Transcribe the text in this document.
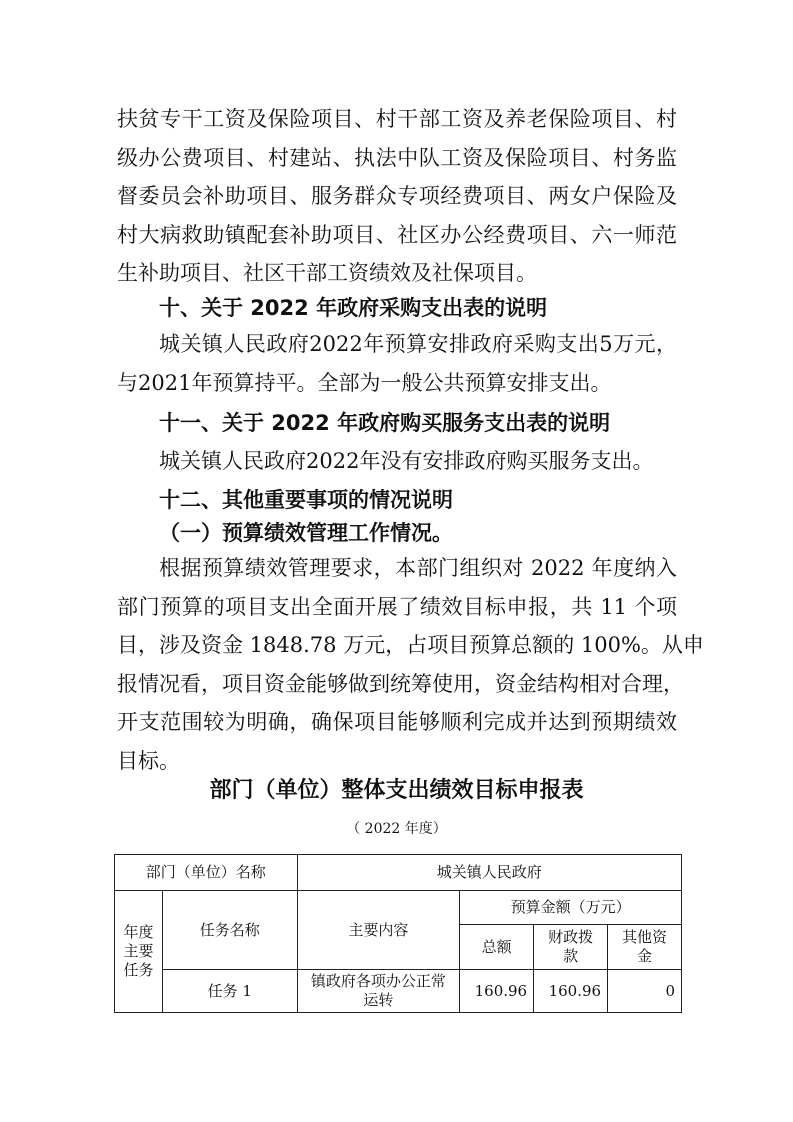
扶贫专干工资及保险项目、村干部工资及养老保险项目、村
级办公费项目、村建站、执法中队工资及保险项目、村务监
督委员会补助项目、服务群众专项经费项目、两女户保险及
村大病救助镇配套补助项目、社区办公经费项目、六一师范
生补助项目、社区干部工资绩效及社保项目。
十、关于 2022 年政府采购支出表的说明
城关镇人民政府2022年预算安排政府采购支出5万元，
与2021年预算持平。全部为一般公共预算安排支出。
十一、关于 2022 年政府购买服务支出表的说明
城关镇人民政府2022年没有安排政府购买服务支出。
十二、其他重要事项的情况说明
（一）预算绩效管理工作情况。
根据预算绩效管理要求，本部门组织对 2022 年度纳入
部门预算的项目支出全面开展了绩效目标申报，共 11 个项
目，涉及资金 1848.78 万元，占项目预算总额的 100%。从申
报情况看，项目资金能够做到统筹使用，资金结构相对合理，
开支范围较为明确，确保项目能够顺利完成并达到预期绩效
目标。
部门（单位）整体支出绩效目标申报表
（ 2022 年度）
部门（单位）名称		城关镇人民政府			
年度主要任务	任务名称	主要内容	预算金额（万元）		
			总额	财政拨款	其他资金
	任务 1	镇政府各项办公正常运转	160.96	160.96	0
